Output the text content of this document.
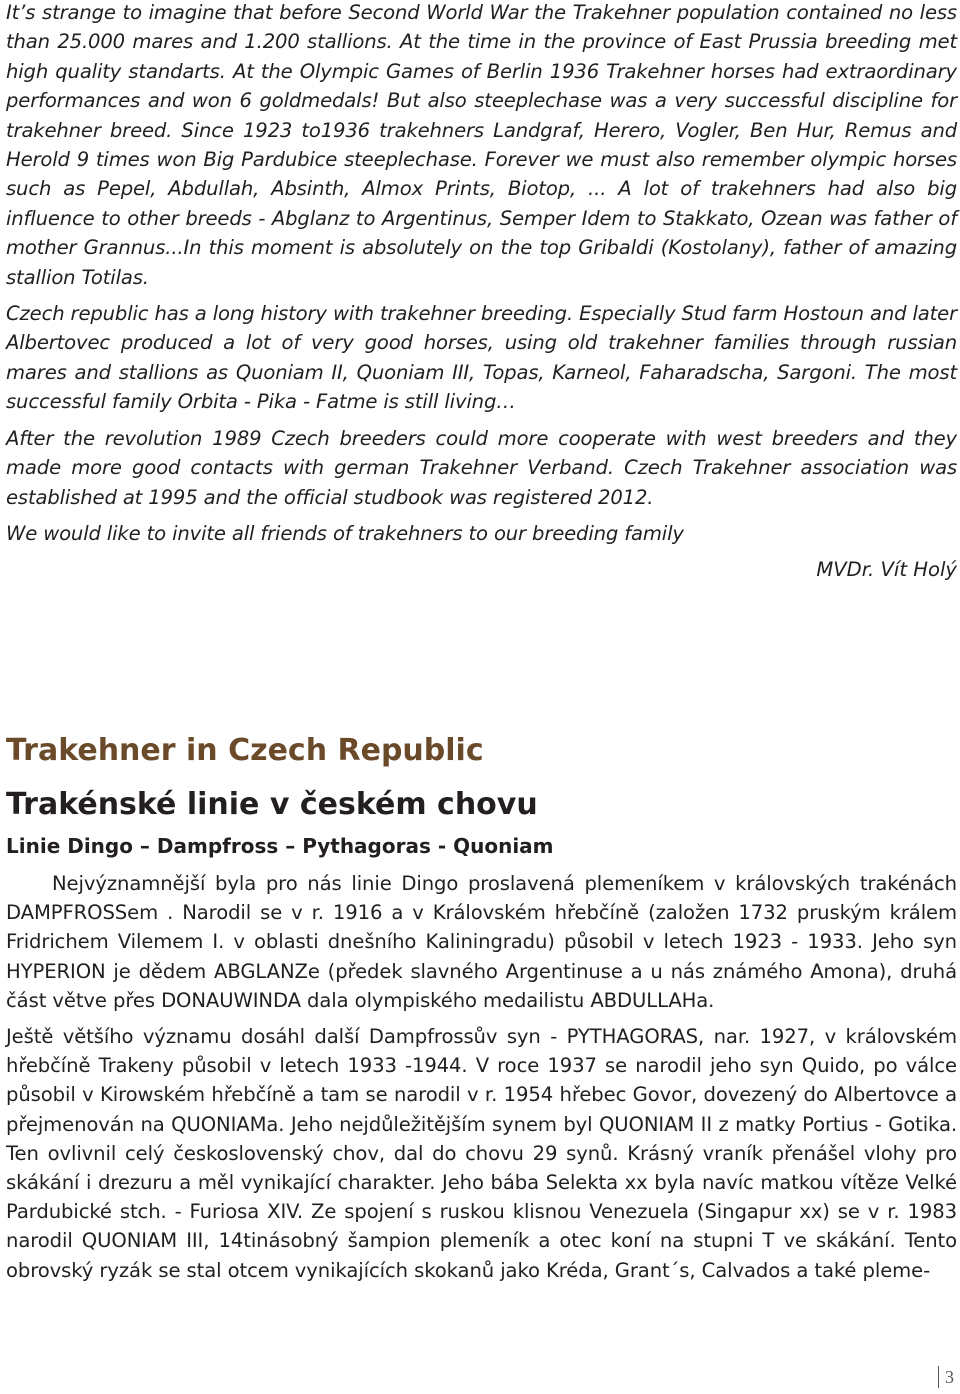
It’s strange to imagine that before Second World War the Trakehner population contained no less than 25.000 mares and 1.200 stallions. At the time in the province of East Prussia breeding met high quality standarts. At the Olympic Games of Berlin 1936 Trakehner horses had extraordinary performances and won 6 goldmedals! But also steeplechase was a very successful discipline for trakehner breed. Since 1923 to1936 trakehners Landgraf, Herero, Vogler, Ben Hur, Remus and Herold 9 times won Big Pardubice steeplechase. Forever we must also remember olympic horses such as Pepel, Abdullah, Absinth, Almox Prints, Biotop, ... A lot of trakehners had also big influence to other breeds - Abglanz to Argentinus, Semper Idem to Stakkato, Ozean was father of mother Grannus...In this moment is absolutely on the top Gribaldi (Kostolany), father of amazing stallion Totilas.

Czech republic has a long history with trakehner breeding. Especially Stud farm Hostoun and later Albertovec produced a lot of very good horses, using old trakehner families through russian mares and stallions as Quoniam II, Quoniam III, Topas, Karneol, Faharadscha, Sargoni. The most successful family Orbita - Pika - Fatme is still living…

After the revolution 1989 Czech breeders could more cooperate with west breeders and they made more good contacts with german Trakehner Verband. Czech Trakehner association was established at 1995 and the official studbook was registered 2012.

We would like to invite all friends of trakehners to our breeding family

MVDr. Vít Holý

Trakehner in Czech Republic
Trakénské linie v českém chovu
Linie Dingo – Dampfross – Pythagoras - Quoniam

Nejvýznamnější byla pro nás linie Dingo proslavená plemeníkem v královských trakénách DAMPFROSSem . Narodil se v r. 1916 a v Královském hřebčíně (založen 1732 pruským králem Fridrichem Vilemem I. v oblasti dnešního Kaliningradu) působil v letech 1923 - 1933. Jeho syn HYPERION je dědem ABGLANZe (předek slavného Argentinuse a u nás známého Amona), druhá část větve přes DONAUWINDA dala olympiského medailistu ABDULLAHa.

Ještě většího významu dosáhl další Dampfrossův syn - PYTHAGORAS, nar. 1927, v královském hřebčíně Trakeny působil v letech 1933 -1944. V roce 1937 se narodil jeho syn Quido, po válce působil v Kirowském hřebčíně a tam se narodil v r. 1954 hřebec Govor, dovezený do Albertovce a přejmenován na QUONIAMa. Jeho nejdůležitějším synem byl QUONIAM II z matky Portius - Gotika. Ten ovlivnil celý československý chov, dal do chovu 29 synů. Krásný vraník přenášel vlohy pro skákání i drezuru a měl vynikající charakter. Jeho bába Selekta xx byla navíc matkou vítěze Velké Pardubické stch. - Furiosa XIV. Ze spojení s ruskou klisnou Venezuela (Singapur xx) se v r. 1983 narodil QUONIAM III, 14tinásobný šampion plemeník a otec koní na stupni T ve skákání. Tento obrovský ryzák se stal otcem vynikajících skokanů jako Kréda, Grant´s, Calvados a také pleme-

3
